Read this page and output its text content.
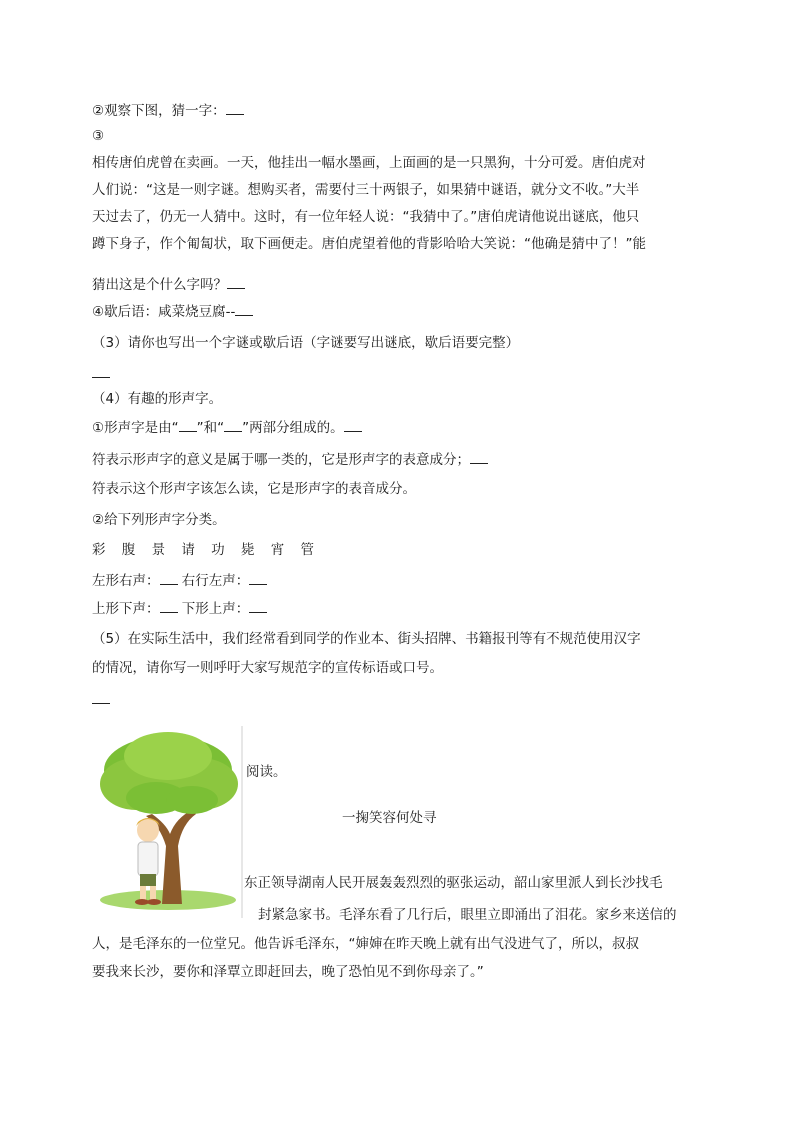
②观察下图，猜一字：
③
相传唐伯虎曾在卖画。一天，他挂出一幅水墨画，上面画的是一只黑狗，十分可爱。唐伯虎对
人们说：“这是一则字谜。想购买者，需要付三十两银子，如果猜中谜语，就分文不收。”大半
天过去了，仍无一人猜中。这时，有一位年轻人说：“我猜中了。”唐伯虎请他说出谜底，他只
蹲下身子，作个匍匐状，取下画便走。唐伯虎望着他的背影哈哈大笑说：“他确是猜中了！”能
猜出这是个什么字吗？
④歇后语：咸菜烧豆腐--
（3）请你也写出一个字谜或歇后语（字谜要写出谜底，歇后语要完整）
（4）有趣的形声字。
①形声字是由“ ”和“ ”两部分组成的。
符表示形声字的意义是属于哪一类的，它是形声字的表意成分；
符表示这个形声字该怎么读，它是形声字的表音成分。
②给下列形声字分类。
彩 腹 景 请 功 毙 宵 管
左形右声： 右行左声：
上形下声： 下形上声：
（5）在实际生活中，我们经常看到同学的作业本、街头招牌、书籍报刊等有不规范使用汉字
的情况，请你写一则呼吁大家写规范字的宣传标语或口号。
阅读。
一掬笑容何处寻
东正领导湖南人民开展轰轰烈烈的驱张运动，韶山家里派人到长沙找毛
封紧急家书。毛泽东看了几行后，眼里立即涌出了泪花。家乡来送信的
人，是毛泽东的一位堂兄。他告诉毛泽东，“婶婶在昨天晚上就有出气没进气了，所以，叔叔
要我来长沙，要你和泽覃立即赶回去，晚了恐怕见不到你母亲了。”
